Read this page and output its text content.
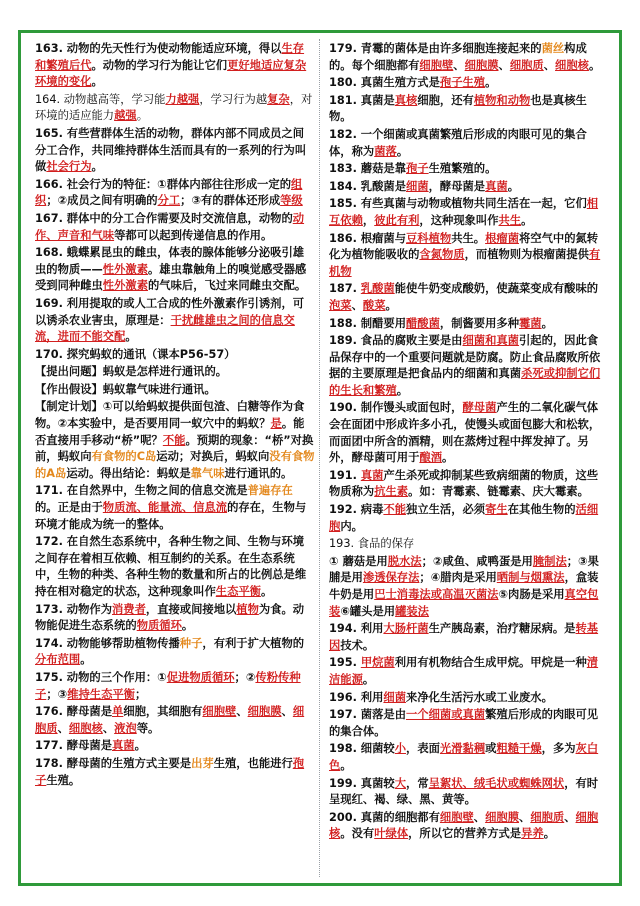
163. 动物的先天性行为使动物能适应环境，得以生存和繁殖后代。动物的学习行为能让它们更好地适应复杂环境的变化。
164. 动物越高等，学习能力越强，学习行为越复杂，对环境的适应能力越强。
165. 有些营群体生活的动物，群体内部不同成员之间分工合作，共同维持群体生活而具有的一系列的行为叫做社会行为。
166. 社会行为的特征：①群体内部往往形成一定的组织；②成员之间有明确的分工；③有的群体还形成等级
167. 群体中的分工合作需要及时交流信息，动物的动作、声音和气味等都可以起到传递信息的作用。
168. 蛾蝶累昆虫的雌虫，体表的腺体能够分泌吸引雄虫的物质——性外激素。雄虫靠触角上的嗅觉感受器感受到同种雌虫性外激素的气味后，飞过来同雌虫交配。
169. 利用提取的或人工合成的性外激素作引诱剂，可以诱杀农业害虫，原理是：干扰雌雄虫之间的信息交流，进而不能交配。
170. 探究蚂蚁的通讯（课本P56-57）
【提出问题】蚂蚁是怎样进行通讯的。
【作出假设】蚂蚁靠气味进行通讯。
【制定计划】①可以给蚂蚁提供面包渣、白糖等作为食物。②本实验中，是否要用同一蚁穴中的蚂蚁？是。能否直接用手移动“桥”呢？不能。预期的现象：“桥”对换前，蚂蚁向有食物的C岛运动；对换后，蚂蚁向没有食物的A岛运动。得出结论：蚂蚁是靠气味进行通讯的。
171. 在自然界中，生物之间的信息交流是普遍存在的。正是由于物质流、能量流、信息流的存在，生物与环境才能成为统一的整体。
172. 在自然生态系统中，各种生物之间、生物与环境之间存在着相互依赖、相互制约的关系。在生态系统中，生物的种类、各种生物的数量和所占的比例总是维持在相对稳定的状态，这种现象叫作生态平衡。
173. 动物作为消费者，直接或间接地以植物为食。动物能促进生态系统的物质循环。
174. 动物能够帮助植物传播种子，有利于扩大植物的分布范围。
175. 动物的三个作用：①促进物质循环；②传粉传种子；③维持生态平衡；
176. 酵母菌是单细胞，其细胞有细胞壁、细胞膜、细胞质、细胞核、液泡等。
177. 酵母菌是真菌。
178. 酵母菌的生殖方式主要是出芽生殖，也能进行孢子生殖。
179. 青霉的菌体是由许多细胞连接起来的菌丝构成的。每个细胞都有细胞壁、细胞膜、细胞质、细胞核。
180. 真菌生殖方式是孢子生殖。
181. 真菌是真核细胞，还有植物和动物也是真核生物。
182. 一个细菌或真菌繁殖后形成的肉眼可见的集合体，称为菌落。
183. 蘑菇是靠孢子生殖繁殖的。
184. 乳酸菌是细菌，酵母菌是真菌。
185. 有些真菌与动物或植物共同生活在一起，它们相互依赖，彼此有利，这种现象叫作共生。
186. 根瘤菌与豆科植物共生。根瘤菌将空气中的氮转化为植物能吸收的含氮物质，而植物则为根瘤菌提供有机物
187. 乳酸菌能使牛奶变成酸奶，使蔬菜变成有酸味的泡菜、酸菜。
188. 制醋要用醋酸菌，制酱要用多种霉菌。
189. 食品的腐败主要是由细菌和真菌引起的，因此食品保存中的一个重要问题就是防腐。防止食品腐败所依据的主要原理是把食品内的细菌和真菌杀死或抑制它们的生长和繁殖。
190. 制作馒头或面包时，酵母菌产生的二氧化碳气体会在面团中形成许多小孔，使馒头或面包膨大和松软，而面团中所含的酒精，则在蒸烤过程中挥发掉了。另外，酵母菌可用于酿酒。
191. 真菌产生杀死或抑制某些致病细菌的物质，这些物质称为抗生素。如：青霉素、链霉素、庆大霉素。
192. 病毒不能独立生活，必须寄生在其他生物的活细胞内。
193. 食品的保存
① 蘑菇是用脱水法；②咸鱼、咸鸭蛋是用腌制法；③果脯是用渗透保存法；④腊肉是采用晒制与烟熏法，盒装牛奶是用巴士消毒法或高温灭菌法⑤肉肠是采用真空包装⑥罐头是用罐装法
194. 利用大肠杆菌生产胰岛素，治疗糖尿病。是转基因技术。
195. 甲烷菌利用有机物结合生成甲烷。甲烷是一种清洁能源。
196. 利用细菌来净化生活污水或工业废水。
197. 菌落是由一个细菌或真菌繁殖后形成的肉眼可见的集合体。
198. 细菌较小，表面光滑黏稠或粗糙干燥，多为灰白色。
199. 真菌较大，常呈絮状、绒毛状或蜘蛛网状，有时呈现红、褐、绿、黑、黄等。
200. 真菌的细胞都有细胞壁、细胞膜、细胞质、细胞核。没有叶绿体，所以它的营养方式是异养。
